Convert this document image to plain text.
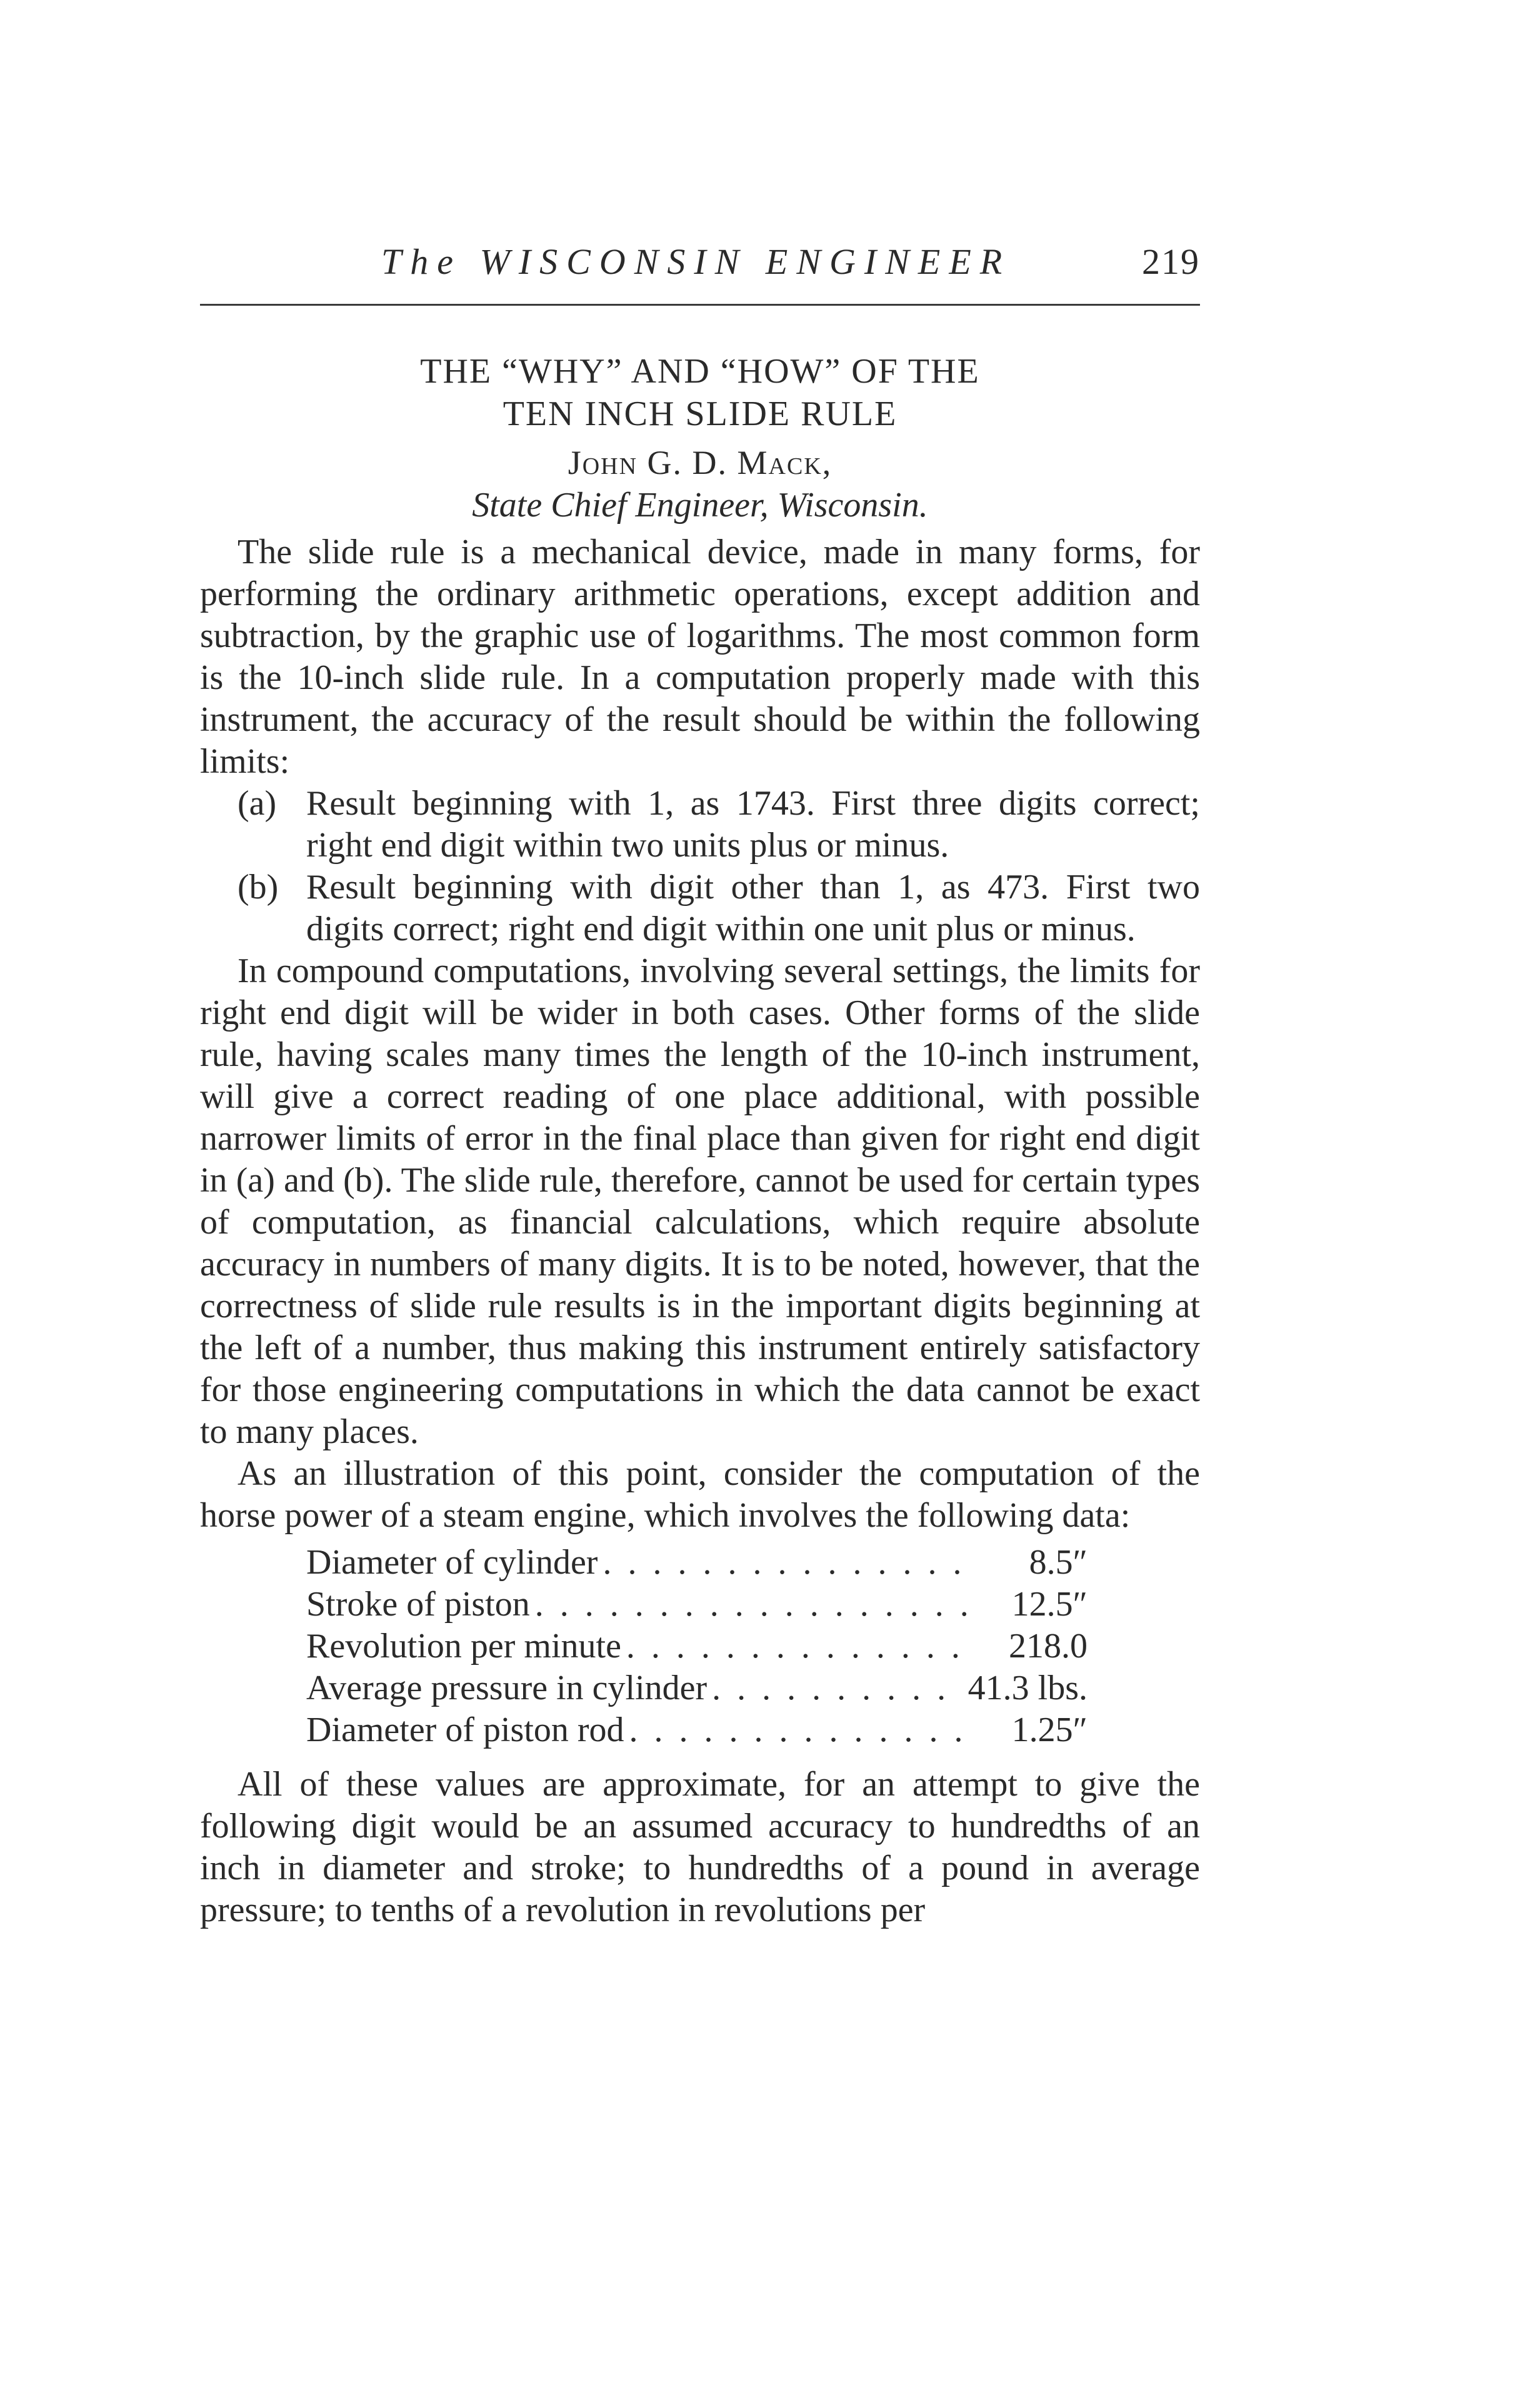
The WISCONSIN ENGINEER	219
THE “WHY” AND “HOW” OF THE
TEN INCH SLIDE RULE
John G. D. Mack,
State Chief Engineer, Wisconsin.

The slide rule is a mechanical device, made in many forms, for performing the ordinary arithmetic operations, except addition and subtraction, by the graphic use of logarithms. The most common form is the 10-inch slide rule. In a computation properly made with this instrument, the accuracy of the result should be within the following limits:

(a) Result beginning with 1, as 1743. First three digits correct; right end digit within two units plus or minus.
(b) Result beginning with digit other than 1, as 473. First two digits correct; right end digit within one unit plus or minus.

In compound computations, involving several settings, the limits for right end digit will be wider in both cases. Other forms of the slide rule, having scales many times the length of the 10-inch instrument, will give a correct reading of one place additional, with possible narrower limits of error in the final place than given for right end digit in (a) and (b). The slide rule, therefore, cannot be used for certain types of computation, as financial calculations, which require absolute accuracy in numbers of many digits. It is to be noted, however, that the correctness of slide rule results is in the important digits beginning at the left of a number, thus making this instrument entirely satisfactory for those engineering computations in which the data cannot be exact to many places.

As an illustration of this point, consider the computation of the horse power of a steam engine, which involves the following data:

Diameter of cylinder . . .	8.5″
Stroke of piston . . .	12.5″
Revolution per minute . . .	218.0
Average pressure in cylinder . . .	41.3 lbs.
Diameter of piston rod . . .	1.25″

All of these values are approximate, for an attempt to give the following digit would be an assumed accuracy to hundredths of an inch in diameter and stroke; to hundredths of a pound in average pressure; to tenths of a revolution in revolutions per
